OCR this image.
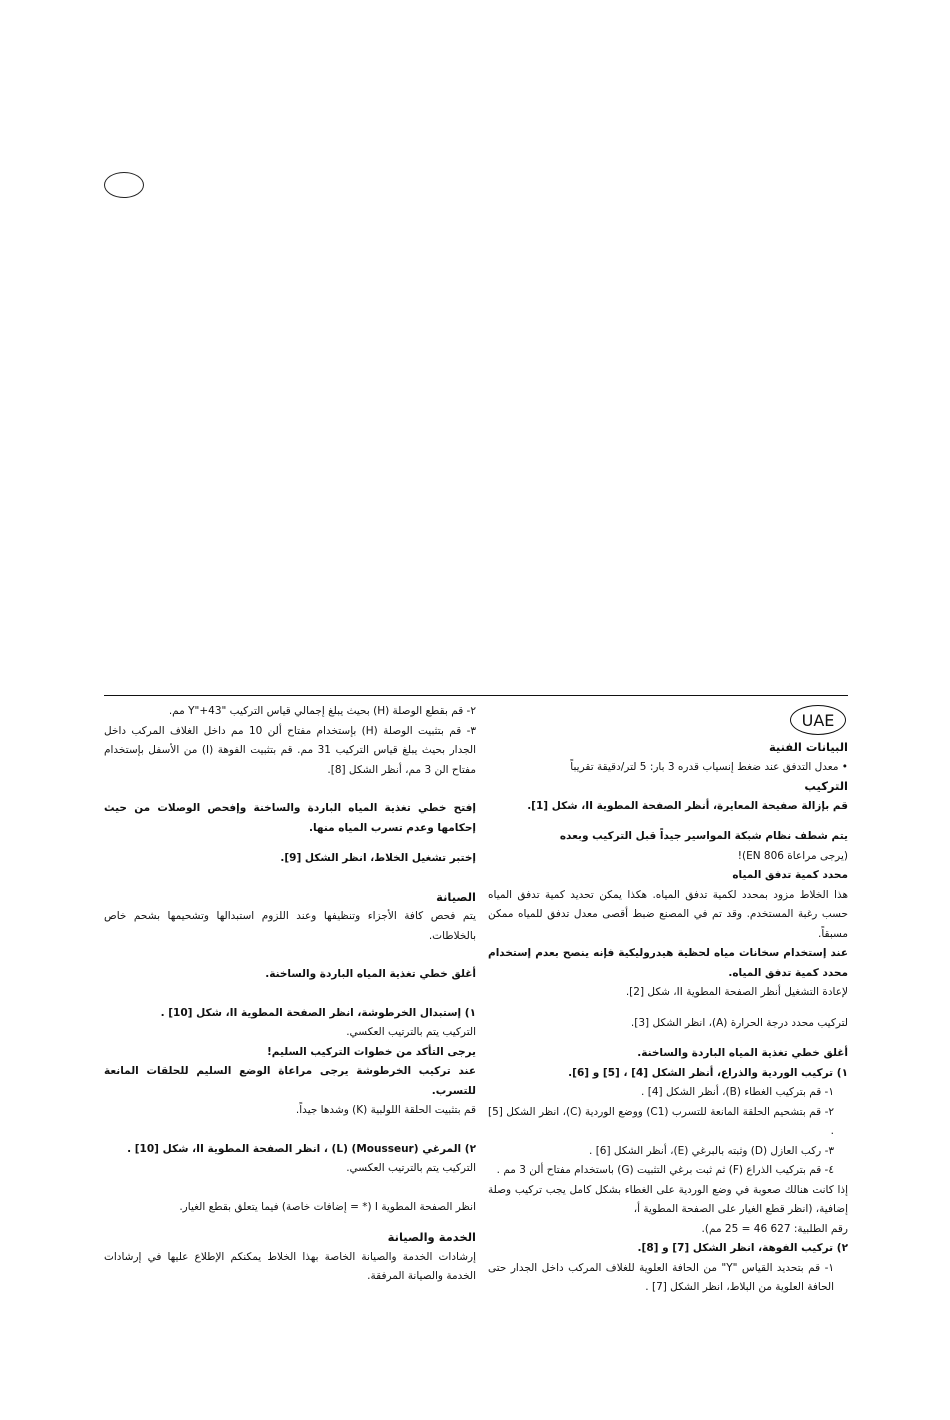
UAE

البيانات الفنية

• معدل التدفق عند ضغط إنسياب قدره 3 بار: 5 لتر/دقيقة تقريباً

التركيب

قم بإزالة صفيحة المعايرة، أنظر الصفحة المطوية II، شكل [1].

يتم شطف نظام شبكة المواسير جيداً قبل التركيب وبعده

(يرجى مراعاة EN 806)!

محدد كمية تدفق المياه

هذا الخلاط مزود بمحدد لكمية تدفق المياه. هكذا يمكن تحديد كمية تدفق المياه حسب رغبة المستخدم. وقد تم في المصنع ضبط أقصى معدل تدفق للمياه ممكن مسبقاً.

عند إستخدام سخانات مياه لحظية هيدروليكية فإنه ينصح بعدم إستخدام محدد كمية تدفق المياه.

لإعادة التشغيل أنظر الصفحة المطوية II، شكل [2].

لتركيب محدد درجة الحرارة (A)، انظر الشكل [3].

أغلق خطي تغذية المياه الباردة والساخنة.

١) تركيب الوردية والذراع، أنظر الشكل [4] ، [5] و [6].

١- قم بتركيب الغطاء (B)، أنظر الشكل [4] .

٢- قم بتشحيم الحلقة المانعة للتسرب (C1) ووضع الوردية (C)، انظر الشكل [5] .

٣- ركب العازل (D) وثبته بالبرغي (E)، أنظر الشكل [6] .

٤- قم بتركيب الذراع (F) ثم ثبت برغي التثبيت (G) باستخدام مفتاح ألن 3 مم .

إذا كانت هنالك صعوبة في وضع الوردية على الغطاء بشكل كامل يجب تركيب وصلة إضافية، (انظر قطع الغيار على الصفحة المطوية أ،

رقم الطلبية: 627 46 = 25 مم).

٢) تركيب الفوهة، انظر الشكل [7] و [8].

١- قم بتحديد القياس "Y" من الحافة العلوية للغلاف المركب داخل الجدار حتى الحافة العلوية من البلاط، انظر الشكل [7] .

٢- قم بقطع الوصلة (H) بحيث يبلغ إجمالي قياس التركيب "Y"+43 مم.

٣- قم بتثبيت الوصلة (H) بإستخدام مفتاح ألن 10 مم داخل الغلاف المركب داخل الجدار بحيث يبلغ قياس التركيب 31 مم. قم بتثبيت الفوهة (I) من الأسفل بإستخدام مفتاح الن 3 مم، أنظر الشكل [8].

إفتح خطي تغذية المياه الباردة والساخنة وإفحص الوصلات من حيث إحكامها وعدم تسرب المياه منها.

إختبر تشغيل الخلاط، انظر الشكل [9].

الصيانة

يتم فحص كافة الأجزاء وتنظيفها وعند اللزوم استبدالها وتشحيمها بشحم خاص بالخلاطات.

أغلق خطي تغذية المياه الباردة والساخنة.

١) إستبدال الخرطوشة، انظر الصفحة المطوية II، شكل [10] .

التركيب يتم بالترتيب العكسي.

يرجى التأكد من خطوات التركيب السليم!

عند تركيب الخرطوشة يرجى مراعاة الوضع السليم للحلقات المانعة للتسرب.

قم بتثبيت الحلقة اللولبية (K) وشدها جيداً.

٢) المرغي (Mousseur) (L) ، انظر الصفحة المطوية II، شكل [10] .

التركيب يتم بالترتيب العكسي.

انظر الصفحة المطوية I (* = إضافات خاصة) فيما يتعلق بقطع الغيار.

الخدمة والصيانة

إرشادات الخدمة والصيانة الخاصة بهذا الخلاط يمكنكم الإطلاع عليها في إرشادات الخدمة والصيانة المرفقة.
